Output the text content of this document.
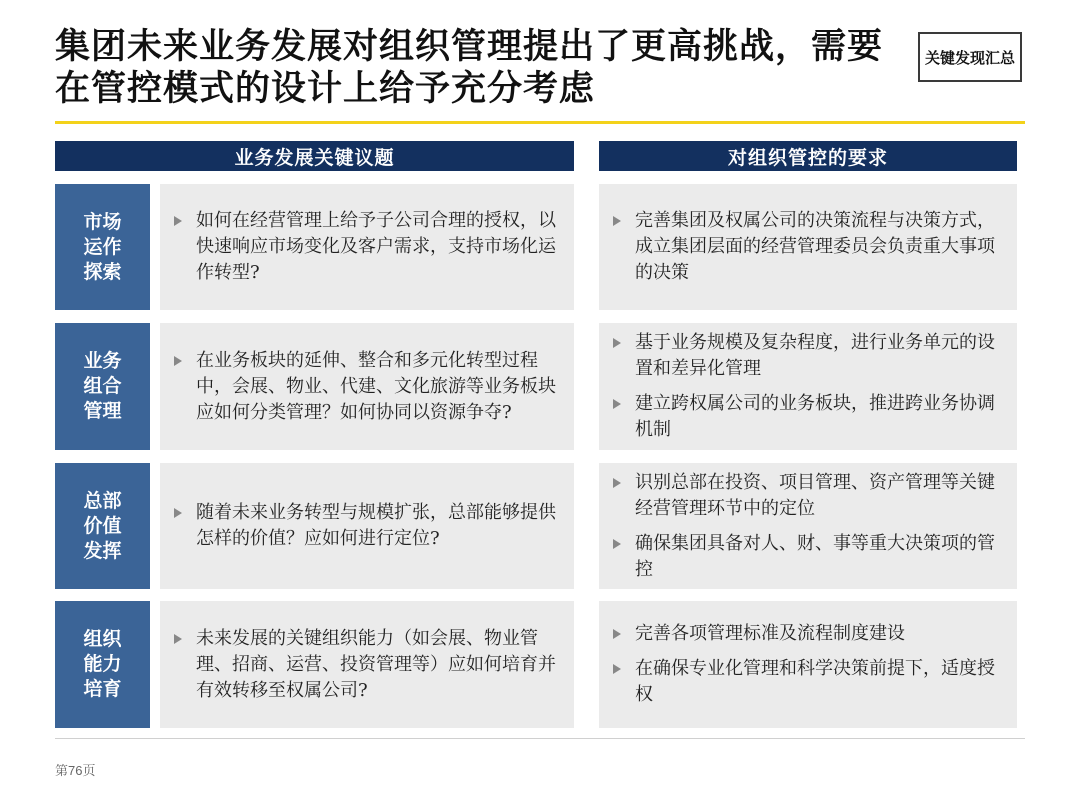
集团未来业务发展对组织管理提出了更高挑战，需要
在管控模式的设计上给予充分考虑
关键发现汇总
业务发展关键议题	对组织管控的要求
市场
运作
探索
如何在经营管理上给予子公司合理的授权，以快速响应市场变化及客户需求，支持市场化运作转型?
完善集团及权属公司的决策流程与决策方式，成立集团层面的经营管理委员会负责重大事项的决策
业务
组合
管理
在业务板块的延伸、整合和多元化转型过程中，会展、物业、代建、文化旅游等业务板块应如何分类管理？如何协同以资源争夺?
基于业务规模及复杂程度，进行业务单元的设置和差异化管理
建立跨权属公司的业务板块，推进跨业务协调机制
总部
价值
发挥
随着未来业务转型与规模扩张，总部能够提供怎样的价值？应如何进行定位?
识别总部在投资、项目管理、资产管理等关键经营管理环节中的定位
确保集团具备对人、财、事等重大决策项的管控
组织
能力
培育
未来发展的关键组织能力（如会展、物业管理、招商、运营、投资管理等）应如何培育并有效转移至权属公司?
完善各项管理标准及流程制度建设
在确保专业化管理和科学决策前提下，适度授权
第76页
